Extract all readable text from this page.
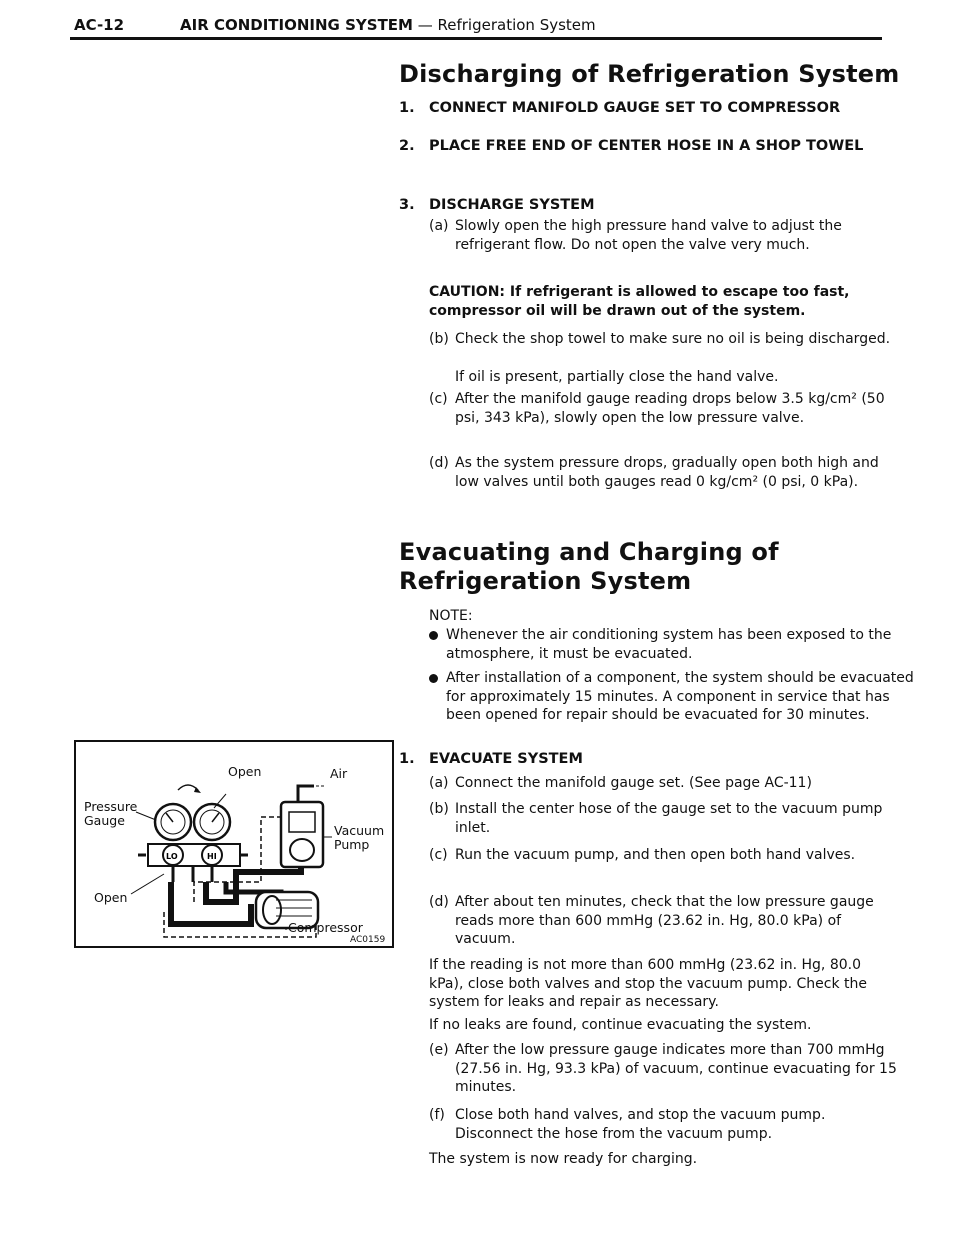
AC-12	AIR CONDITIONING SYSTEM — Refrigeration System
Discharging of Refrigeration System
1. CONNECT MANIFOLD GAUGE SET TO COMPRESSOR
2. PLACE FREE END OF CENTER HOSE IN A SHOP TOWEL
3. DISCHARGE SYSTEM
(a) Slowly open the high pressure hand valve to adjust the refrigerant flow. Do not open the valve very much.
CAUTION: If refrigerant is allowed to escape too fast, compressor oil will be drawn out of the system.
(b) Check the shop towel to make sure no oil is being discharged.
If oil is present, partially close the hand valve.
(c) After the manifold gauge reading drops below 3.5 kg/cm² (50 psi, 343 kPa), slowly open the low pressure valve.
(d) As the system pressure drops, gradually open both high and low valves until both gauges read 0 kg/cm² (0 psi, 0 kPa).
Evacuating and Charging of
Refrigeration System
NOTE:
Whenever the air conditioning system has been exposed to the atmosphere, it must be evacuated.
After installation of a component, the system should be evacuated for approximately 15 minutes. A component in service that has been opened for repair should be evacuated for 30 minutes.
1. EVACUATE SYSTEM
(a) Connect the manifold gauge set. (See page AC-11)
(b) Install the center hose of the gauge set to the vacuum pump inlet.
(c) Run the vacuum pump, and then open both hand valves.
(d) After about ten minutes, check that the low pressure gauge reads more than 600 mmHg (23.62 in. Hg, 80.0 kPa) of vacuum.
If the reading is not more than 600 mmHg (23.62 in. Hg, 80.0 kPa), close both valves and stop the vacuum pump. Check the system for leaks and repair as necessary.
If no leaks are found, continue evacuating the system.
(e) After the low pressure gauge indicates more than 700 mmHg (27.56 in. Hg, 93.3 kPa) of vacuum, continue evacuating for 15 minutes.
(f) Close both hand valves, and stop the vacuum pump. Disconnect the hose from the vacuum pump.
The system is now ready for charging.
LO	HI
Open	Air
Pressure
Gauge
Vacuum
Pump
Open
Compressor
AC0159
